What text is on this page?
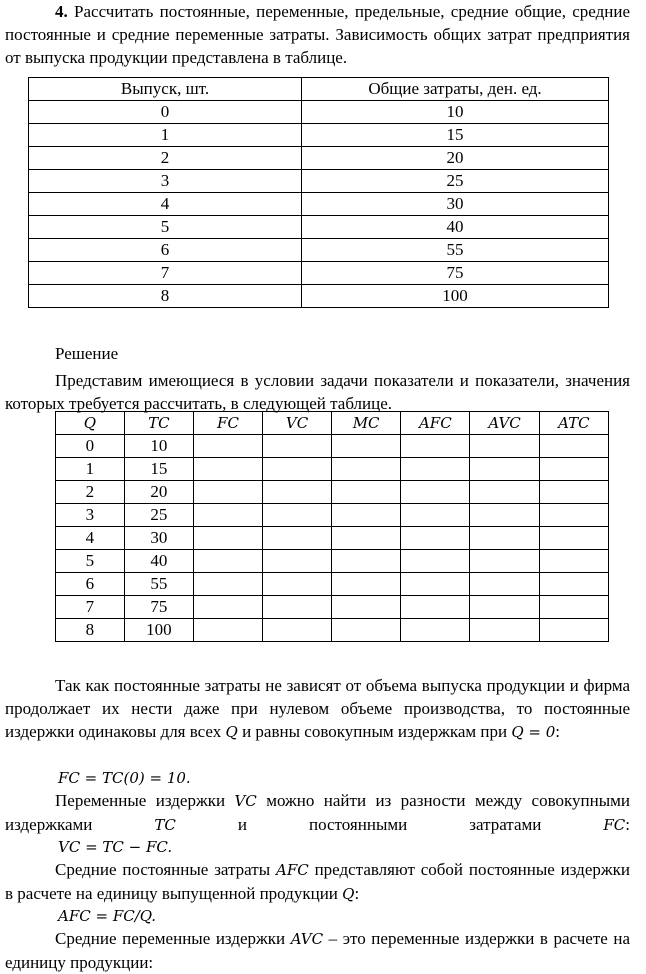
4. Рассчитать постоянные, переменные, предельные, средние общие, средние постоянные и средние переменные затраты. Зависимость общих затрат предприятия от выпуска продукции представлена в таблице.

Выпуск, шт.	Общие затраты, ден. ед.
0	10
1	15
2	20
3	25
4	30
5	40
6	55
7	75
8	100

Решение

Представим имеющиеся в условии задачи показатели и показатели, значения которых требуется рассчитать, в следующей таблице.

Q	TC	FC	VC	MC	AFC	AVC	ATC
0	10						
1	15						
2	20						
3	25						
4	30						
5	40						
6	55						
7	75						
8	100						

Так как постоянные затраты не зависят от объема выпуска продукции и фирма продолжает их нести даже при нулевом объеме производства, то постоянные издержки одинаковы для всех Q и равны совокупным издержкам при Q = 0:

FC = TC(0) = 10.

Переменные издержки VC можно найти из разности между совокупными издержками TC и постоянными затратами FC:

VC = TC − FC.

Средние постоянные затраты AFC представляют собой постоянные издержки в расчете на единицу выпущенной продукции Q:

AFC = FC/Q.

Средние переменные издержки AVC – это переменные издержки в расчете на единицу продукции:
